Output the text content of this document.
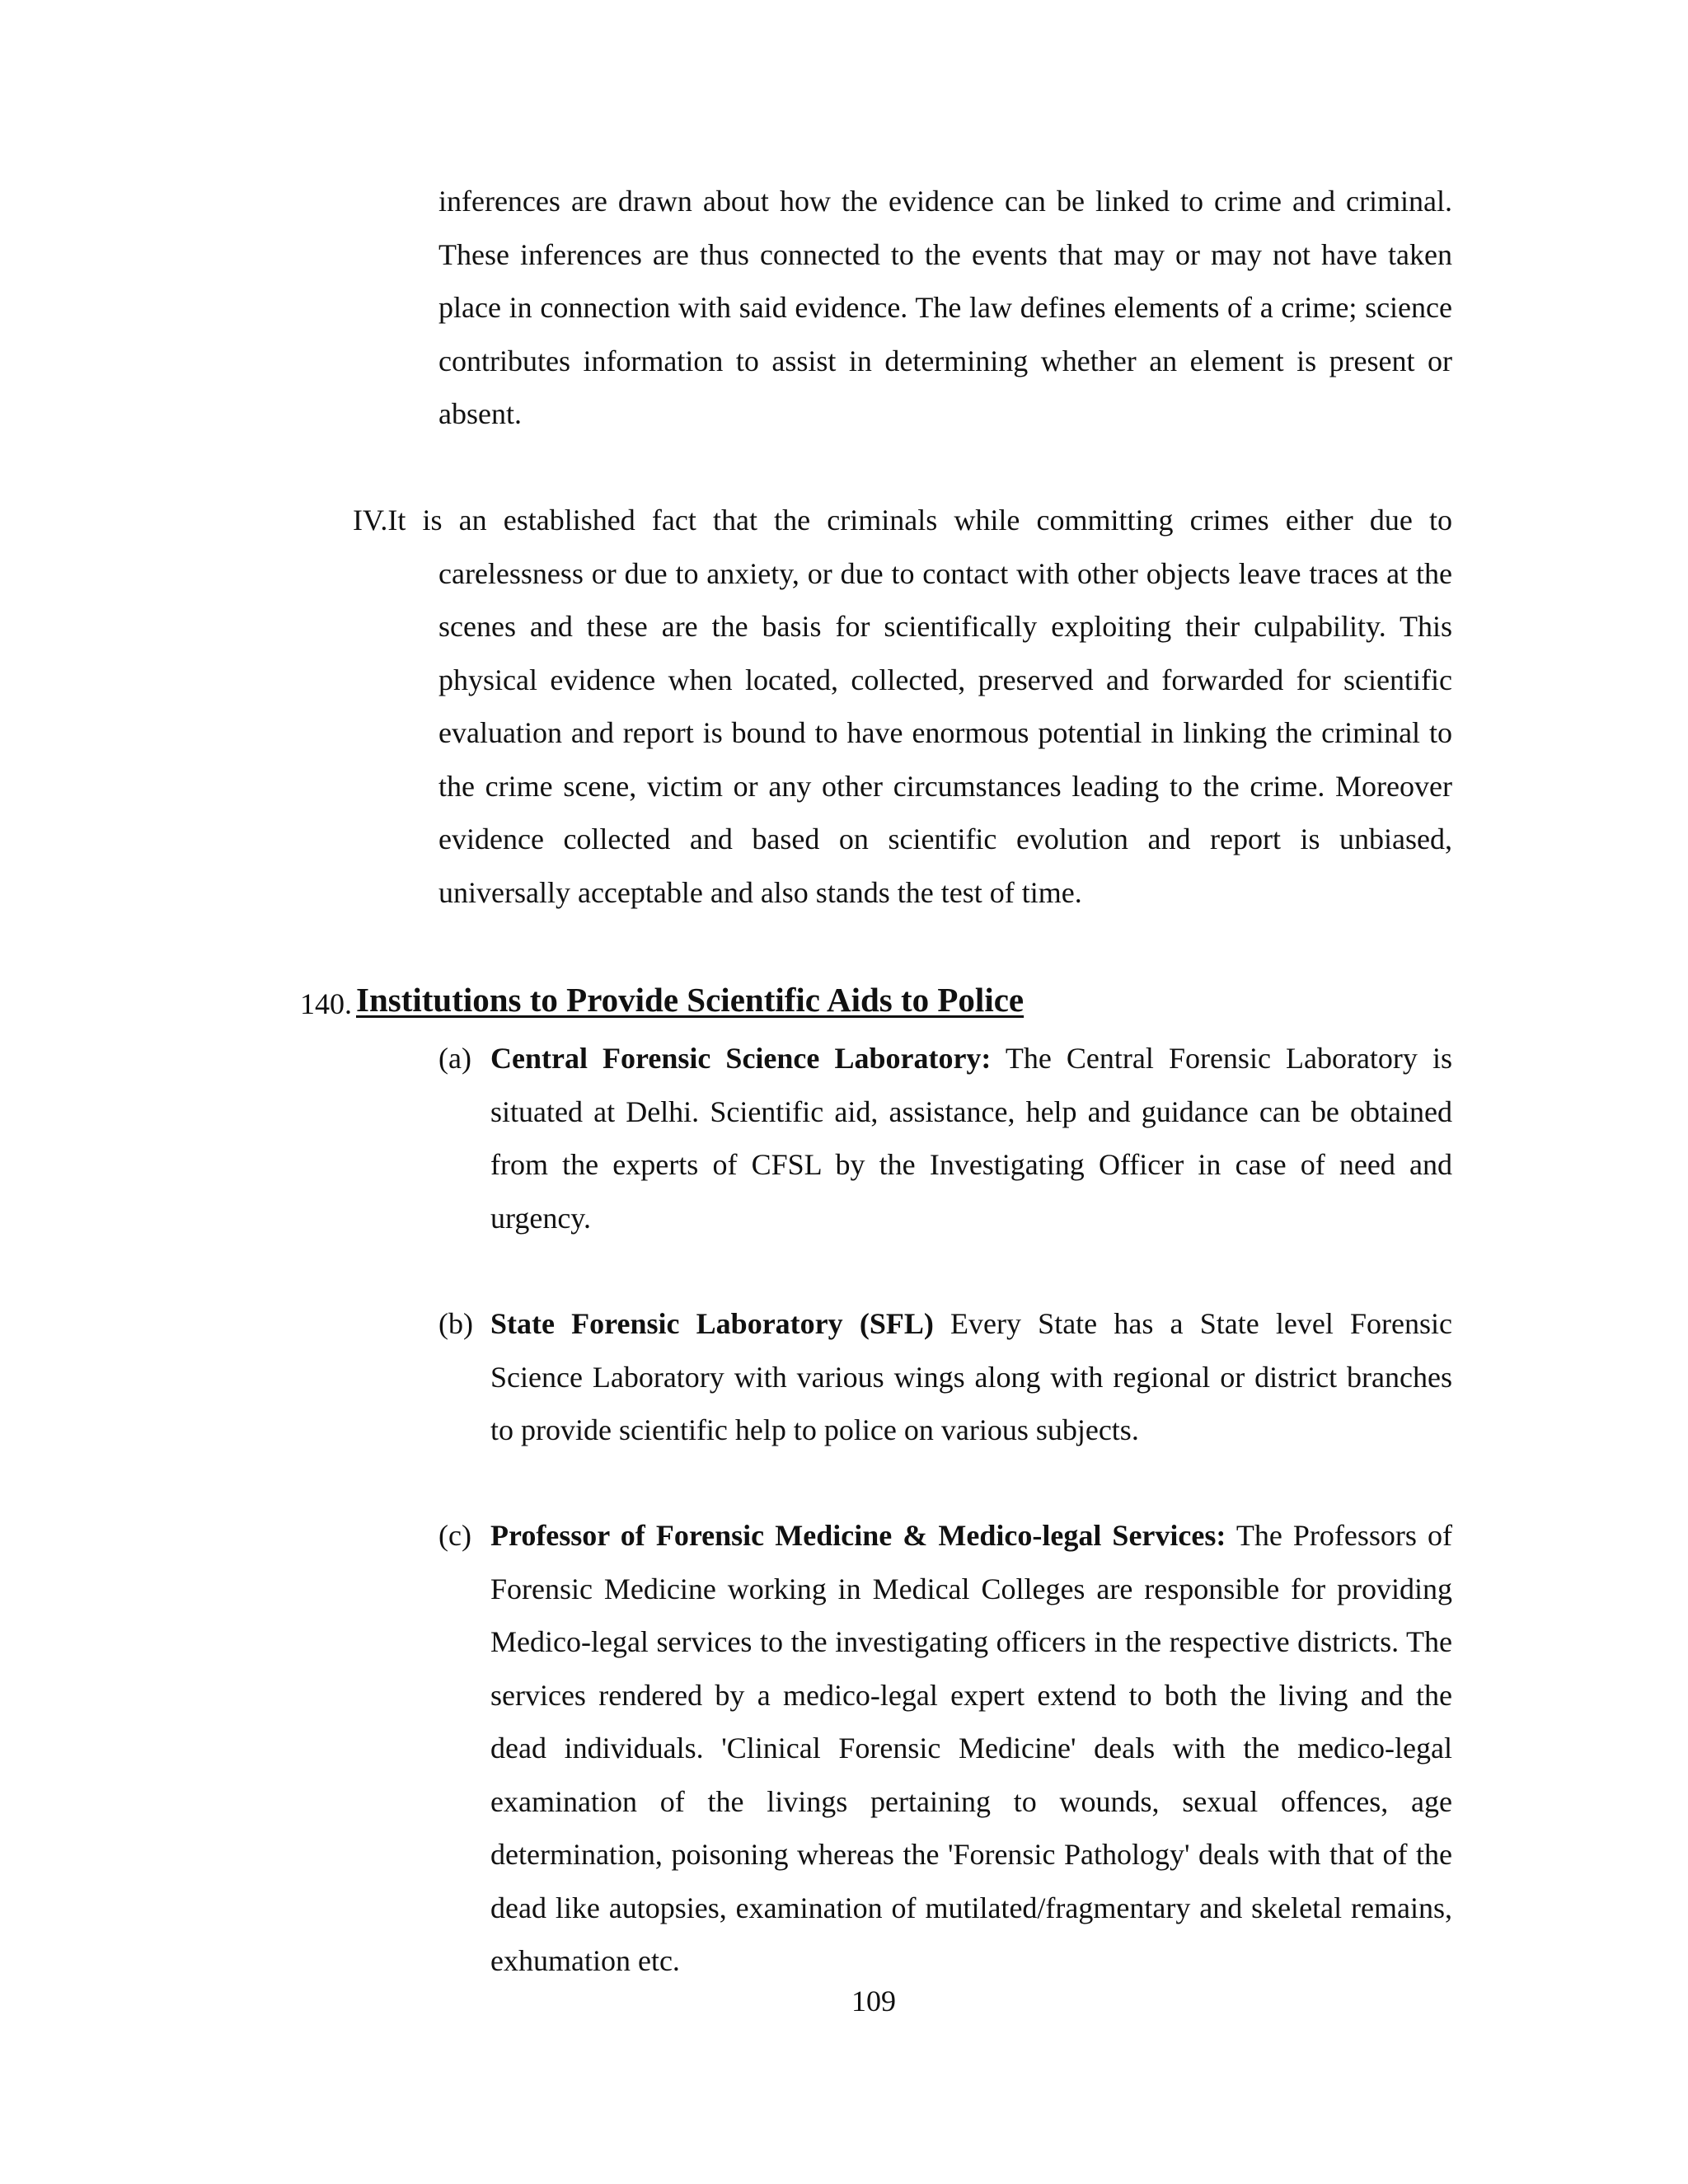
inferences are drawn about how the evidence can be linked to crime and criminal. These inferences are thus connected to the events that may or may not have taken place in connection with said evidence. The law defines elements of a crime; science contributes information to assist in determining whether an element is present or absent.

IV.It is an established fact that the criminals while committing crimes either due to carelessness or due to anxiety, or due to contact with other objects leave traces at the scenes and these are the basis for scientifically exploiting their culpability. This physical evidence when located, collected, preserved and forwarded for scientific evaluation and report is bound to have enormous potential in linking the criminal to the crime scene, victim or any other circumstances leading to the crime. Moreover evidence collected and based on scientific evolution and report is unbiased, universally acceptable and also stands the test of time.

140. Institutions to Provide Scientific Aids to Police
(a) Central Forensic Science Laboratory: The Central Forensic Laboratory is situated at Delhi. Scientific aid, assistance, help and guidance can be obtained from the experts of CFSL by the Investigating Officer in case of need and urgency.

(b) State Forensic Laboratory (SFL) Every State has a State level Forensic Science Laboratory with various wings along with regional or district branches to provide scientific help to police on various subjects.

(c) Professor of Forensic Medicine & Medico-legal Services: The Professors of Forensic Medicine working in Medical Colleges are responsible for providing Medico-legal services to the investigating officers in the respective districts. The services rendered by a medico-legal expert extend to both the living and the dead individuals. 'Clinical Forensic Medicine' deals with the medico-legal examination of the livings pertaining to wounds, sexual offences, age determination, poisoning whereas the 'Forensic Pathology' deals with that of the dead like autopsies, examination of mutilated/fragmentary and skeletal remains, exhumation etc.

109
